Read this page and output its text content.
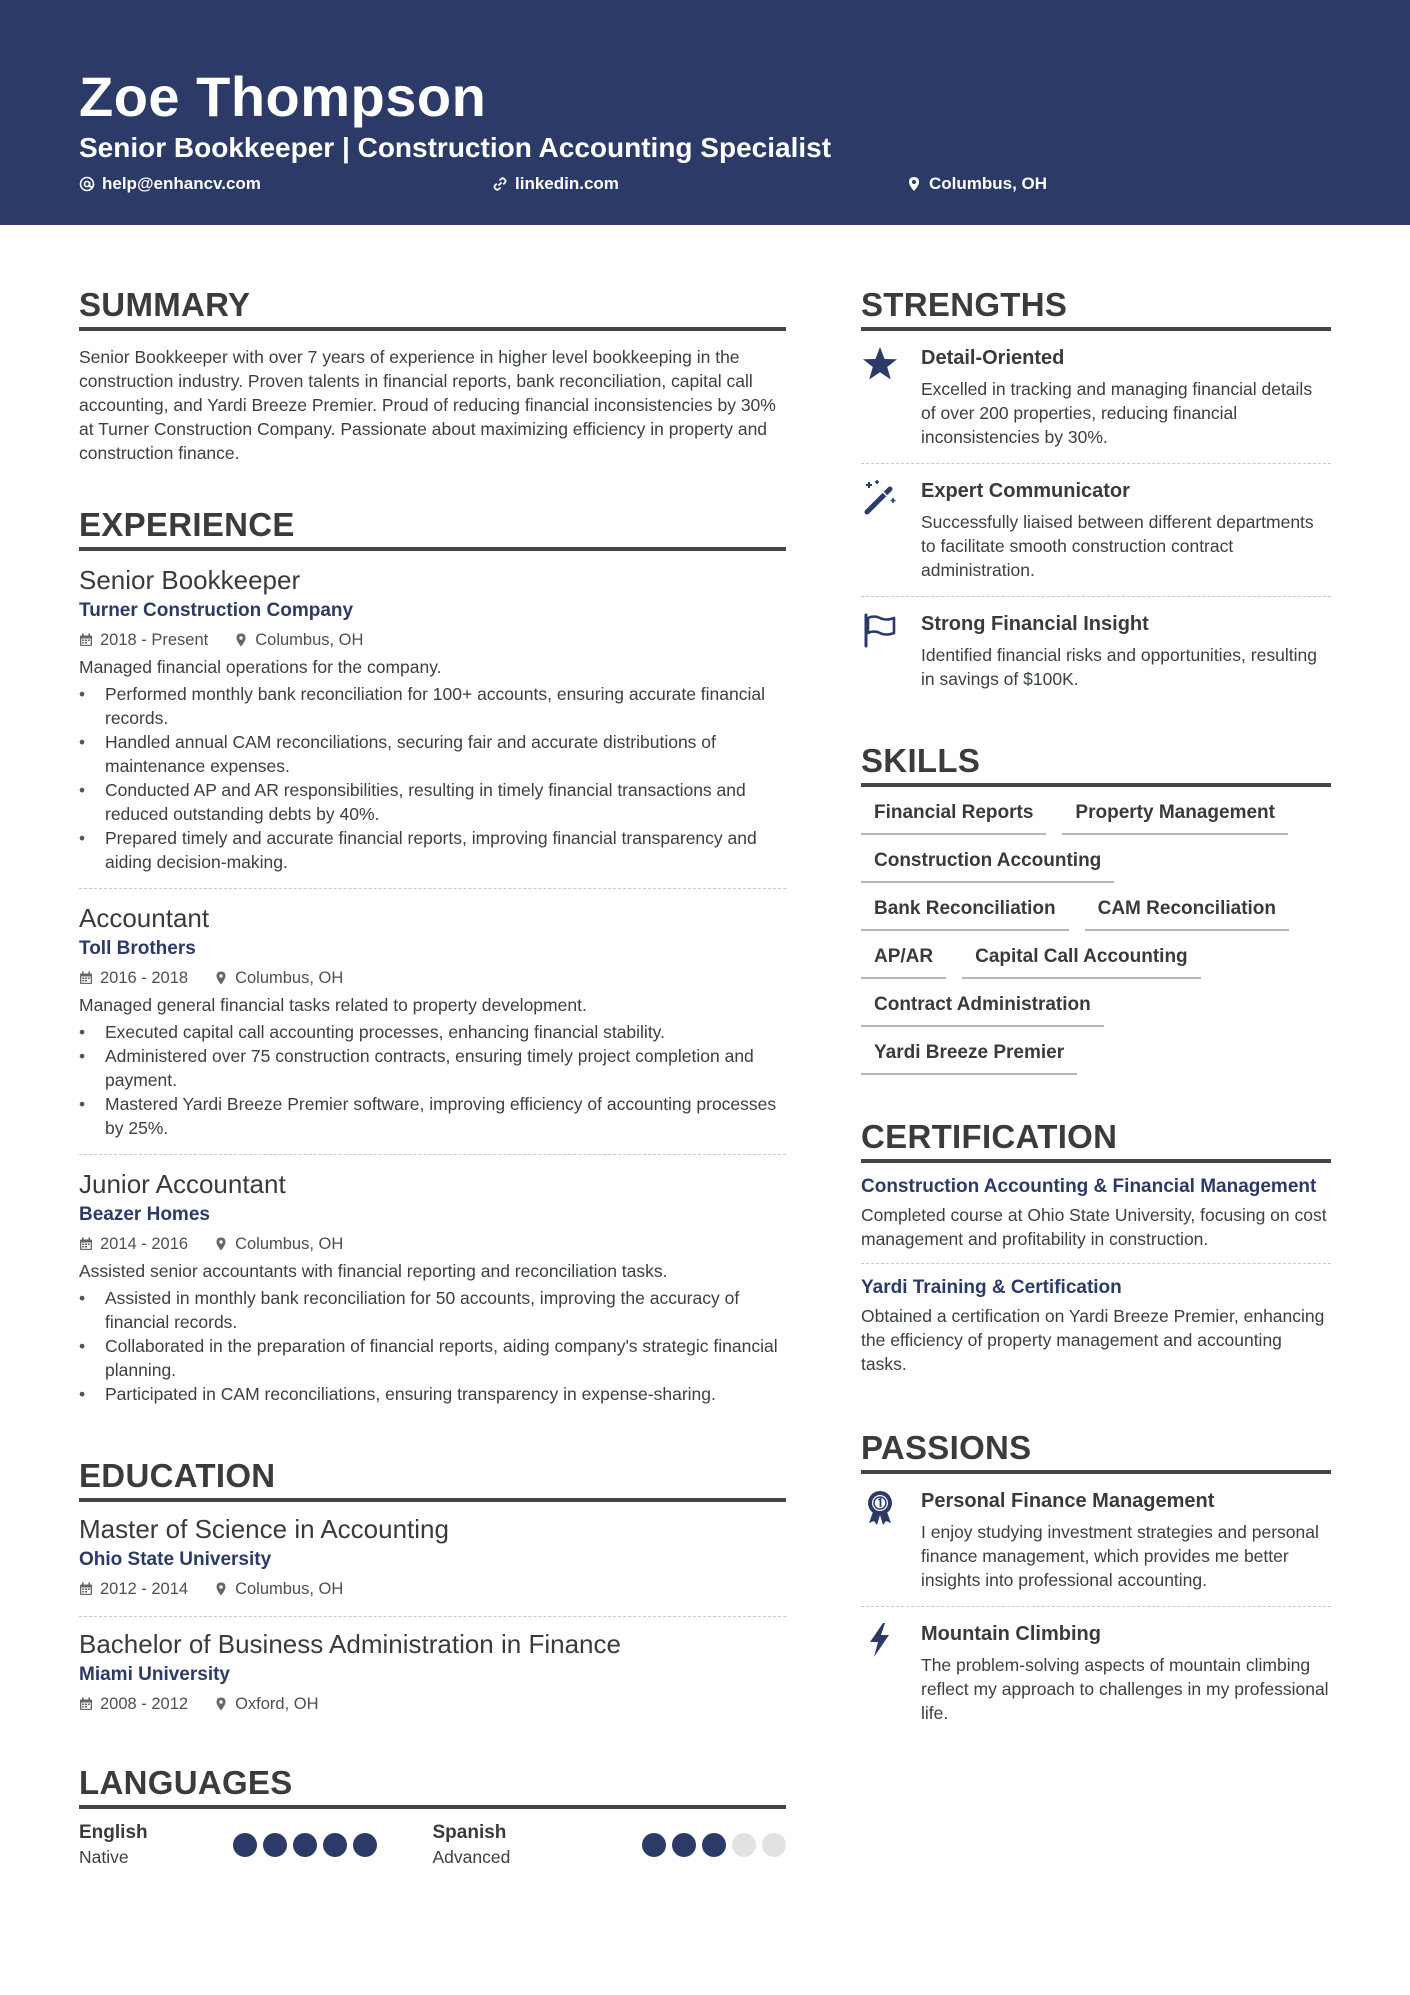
Zoe Thompson
Senior Bookkeeper | Construction Accounting Specialist
help@enhancv.com	linkedin.com	Columbus, OH
SUMMARY
Senior Bookkeeper with over 7 years of experience in higher level bookkeeping in the construction industry. Proven talents in financial reports, bank reconciliation, capital call accounting, and Yardi Breeze Premier. Proud of reducing financial inconsistencies by 30% at Turner Construction Company. Passionate about maximizing efficiency in property and construction finance.
EXPERIENCE
Senior Bookkeeper
Turner Construction Company
2018 - Present	Columbus, OH
Managed financial operations for the company.
• Performed monthly bank reconciliation for 100+ accounts, ensuring accurate financial records.
• Handled annual CAM reconciliations, securing fair and accurate distributions of maintenance expenses.
• Conducted AP and AR responsibilities, resulting in timely financial transactions and reduced outstanding debts by 40%.
• Prepared timely and accurate financial reports, improving financial transparency and aiding decision-making.
Accountant
Toll Brothers
2016 - 2018	Columbus, OH
Managed general financial tasks related to property development.
• Executed capital call accounting processes, enhancing financial stability.
• Administered over 75 construction contracts, ensuring timely project completion and payment.
• Mastered Yardi Breeze Premier software, improving efficiency of accounting processes by 25%.
Junior Accountant
Beazer Homes
2014 - 2016	Columbus, OH
Assisted senior accountants with financial reporting and reconciliation tasks.
• Assisted in monthly bank reconciliation for 50 accounts, improving the accuracy of financial records.
• Collaborated in the preparation of financial reports, aiding company's strategic financial planning.
• Participated in CAM reconciliations, ensuring transparency in expense-sharing.
EDUCATION
Master of Science in Accounting
Ohio State University
2012 - 2014	Columbus, OH
Bachelor of Business Administration in Finance
Miami University
2008 - 2012	Oxford, OH
LANGUAGES
English
Native
Spanish
Advanced
STRENGTHS
Detail-Oriented
Excelled in tracking and managing financial details of over 200 properties, reducing financial inconsistencies by 30%.
Expert Communicator
Successfully liaised between different departments to facilitate smooth construction contract administration.
Strong Financial Insight
Identified financial risks and opportunities, resulting in savings of $100K.
SKILLS
Financial Reports	Property Management
Construction Accounting
Bank Reconciliation	CAM Reconciliation
AP/AR	Capital Call Accounting
Contract Administration
Yardi Breeze Premier
CERTIFICATION
Construction Accounting & Financial Management
Completed course at Ohio State University, focusing on cost management and profitability in construction.
Yardi Training & Certification
Obtained a certification on Yardi Breeze Premier, enhancing the efficiency of property management and accounting tasks.
PASSIONS
Personal Finance Management
I enjoy studying investment strategies and personal finance management, which provides me better insights into professional accounting.
Mountain Climbing
The problem-solving aspects of mountain climbing reflect my approach to challenges in my professional life.
